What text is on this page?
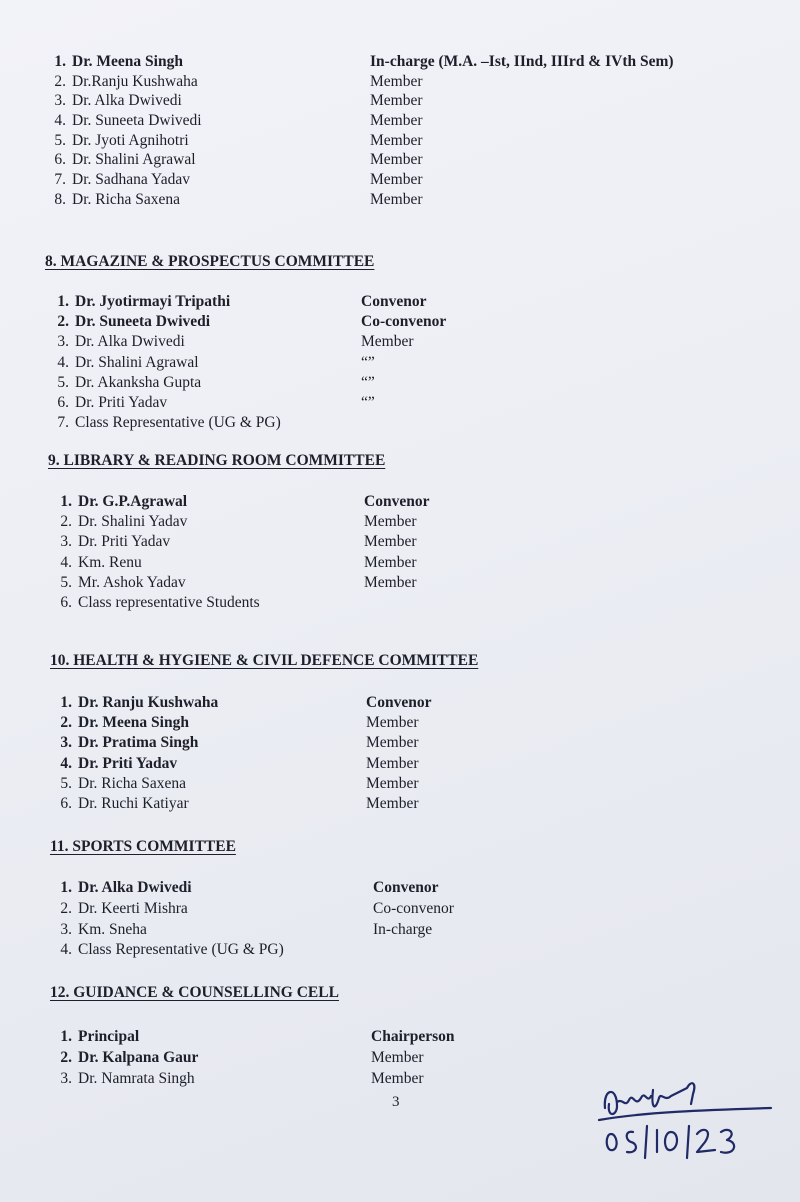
1. Dr. Meena Singh	In-charge (M.A. –Ist, IInd, IIIrd & IVth Sem)
2. Dr.Ranju Kushwaha	Member
3. Dr. Alka Dwivedi	Member
4. Dr. Suneeta Dwivedi	Member
5. Dr. Jyoti Agnihotri	Member
6. Dr. Shalini Agrawal	Member
7. Dr. Sadhana Yadav	Member
8. Dr. Richa Saxena	Member
8. MAGAZINE & PROSPECTUS COMMITTEE
1. Dr. Jyotirmayi Tripathi	Convenor
2. Dr. Suneeta Dwivedi	Co-convenor
3. Dr. Alka Dwivedi	Member
4. Dr. Shalini Agrawal	“”
5. Dr. Akanksha Gupta	“”
6. Dr. Priti Yadav	“”
7. Class Representative (UG & PG)
9. LIBRARY & READING ROOM COMMITTEE
1. Dr. G.P.Agrawal	Convenor
2. Dr. Shalini Yadav	Member
3. Dr. Priti Yadav	Member
4. Km. Renu	Member
5. Mr. Ashok Yadav	Member
6. Class representative Students
10. HEALTH & HYGIENE & CIVIL DEFENCE COMMITTEE
1. Dr. Ranju Kushwaha	Convenor
2. Dr. Meena Singh	Member
3. Dr. Pratima Singh	Member
4. Dr. Priti Yadav	Member
5. Dr. Richa Saxena	Member
6. Dr. Ruchi Katiyar	Member
11. SPORTS COMMITTEE
1. Dr. Alka Dwivedi	Convenor
2. Dr. Keerti Mishra	Co-convenor
3. Km. Sneha	In-charge
4. Class Representative (UG & PG)
12. GUIDANCE & COUNSELLING CELL
1. Principal	Chairperson
2. Dr. Kalpana Gaur	Member
3. Dr. Namrata Singh	Member
3
